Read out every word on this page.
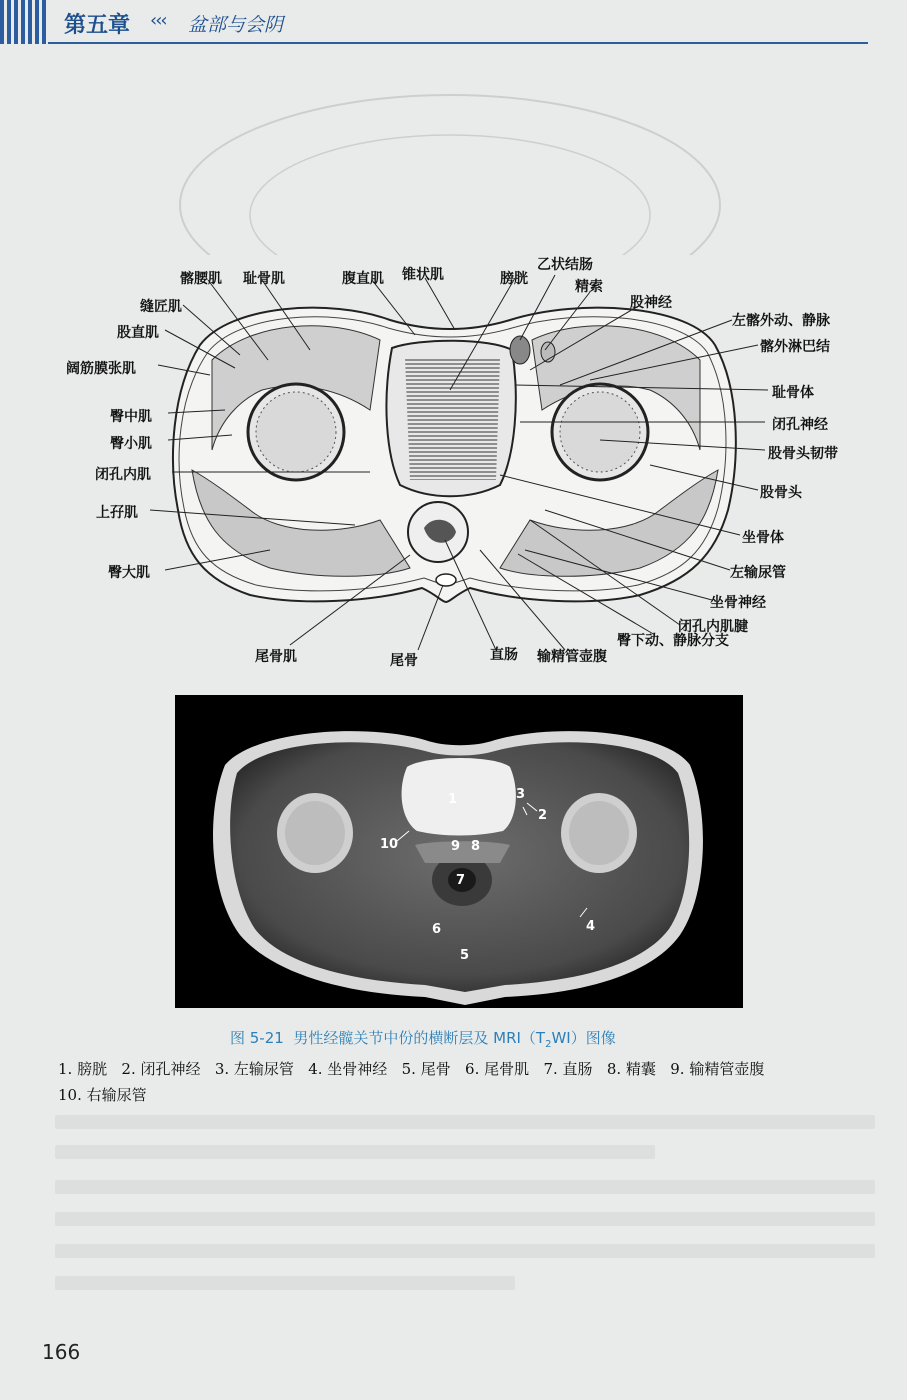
第五章 ‹‹‹ 盆部与会阴
髂腰肌 耻骨肌	腹直肌 锥状肌	膀胱
乙状结肠
精索
股神经
缝匠肌
股直肌
左髂外动、静脉
髂外淋巴结
阔筋膜张肌
耻骨体
臀中肌	闭孔神经
臀小肌
股骨头韧带
闭孔内肌
股骨头
上孖肌
坐骨体
左输尿管
臀大肌
坐骨神经
闭孔内肌腱
臀下动、静脉分支
尾骨肌	尾骨	直肠 输精管壶腹
1
2
3
4
5
6
7
8
9
10
图 5-21 男性经髋关节中份的横断层及 $MRI(T_2WI)$图像
1. 膀胱 2. 闭孔神经 3. 左输尿管 4. 坐骨神经 5. 尾骨 6. 尾骨肌 7. 直肠 8. 精囊 9. 输精管壶腹   10. 右输尿管
166
